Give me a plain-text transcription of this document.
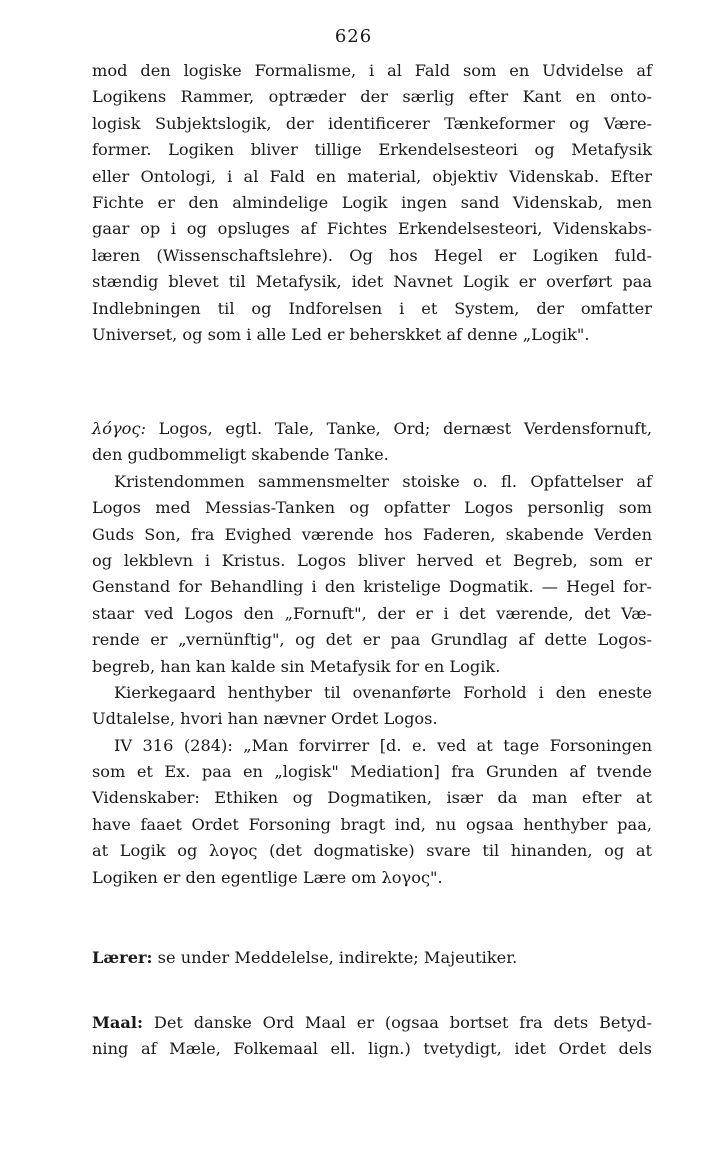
626
mod den logiske Formalisme, i al Fald som en Udvidelse af
Logikens Rammer, optræder der særlig efter Kant en onto-
logisk Subjektslogik, der identificerer Tænkeformer og Være-
former. Logiken bliver tillige Erkendelsesteori og Metafysik
eller Ontologi, i al Fald en material, objektiv Videnskab. Efter
Fichte er den almindelige Logik ingen sand Videnskab, men
gaar op i og opsluges af Fichtes Erkendelsesteori, Videnskabs-
læren (Wissenschaftslehre). Og hos Hegel er Logiken fuld-
stændig blevet til Metafysik, idet Navnet Logik er overført paa
Indlebningen til og Indforelsen i et System, der omfatter
Universet, og som i alle Led er beherskket af denne „Logik".
λόγος: Logos, egtl. Tale, Tanke, Ord; dernæst Verdensfornuft,
den gudbommeligt skabende Tanke.
Kristendommen sammensmelter stoiske o. fl. Opfattelser af
Logos med Messias-Tanken og opfatter Logos personlig som
Guds Son, fra Evighed værende hos Faderen, skabende Verden
og lekblevn i Kristus. Logos bliver herved et Begreb, som er
Genstand for Behandling i den kristelige Dogmatik. — Hegel for-
staar ved Logos den „Fornuft", der er i det værende, det Væ-
rende er „vernünftig", og det er paa Grundlag af dette Logos-
begreb, han kan kalde sin Metafysik for en Logik.
Kierkegaard henthyber til ovenanførte Forhold i den eneste
Udtalelse, hvori han nævner Ordet Logos.
IV 316 (284): „Man forvirrer [d. e. ved at tage Forsoningen
som et Ex. paa en „logisk" Mediation] fra Grunden af tvende
Videnskaber: Ethiken og Dogmatiken, især da man efter at
have faaet Ordet Forsoning bragt ind, nu ogsaa henthyber paa,
at Logik og λογος (det dogmatiske) svare til hinanden, og at
Logiken er den egentlige Lære om λογος".
Lærer: se under Meddelelse, indirekte; Majeutiker.
Maal: Det danske Ord Maal er (ogsaa bortset fra dets Betyd-
ning af Mæle, Folkemaal ell. lign.) tvetydigt, idet Ordet dels
